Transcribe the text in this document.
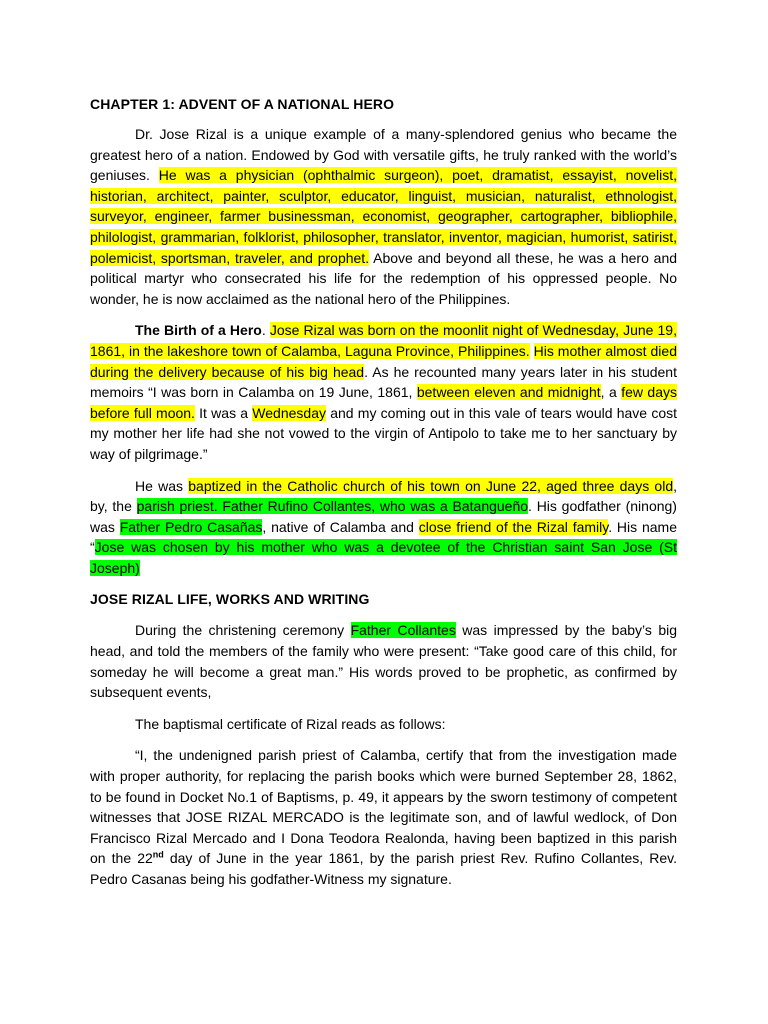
CHAPTER 1: ADVENT OF A NATIONAL HERO

Dr. Jose Rizal is a unique example of a many-splendored genius who became the greatest hero of a nation. Endowed by God with versatile gifts, he truly ranked with the world’s geniuses. He was a physician (ophthalmic surgeon), poet, dramatist, essayist, novelist, historian, architect, painter, sculptor, educator, linguist, musician, naturalist, ethnologist, surveyor, engineer, farmer businessman, economist, geographer, cartographer, bibliophile, philologist, grammarian, folklorist, philosopher, translator, inventor, magician, humorist, satirist, polemicist, sportsman, traveler, and prophet. Above and beyond all these, he was a hero and political martyr who consecrated his life for the redemption of his oppressed people. No wonder, he is now acclaimed as the national hero of the Philippines.

The Birth of a Hero. Jose Rizal was born on the moonlit night of Wednesday, June 19, 1861, in the lakeshore town of Calamba, Laguna Province, Philippines. His mother almost died during the delivery because of his big head. As he recounted many years later in his student memoirs “I was born in Calamba on 19 June, 1861, between eleven and midnight, a few days before full moon. It was a Wednesday and my coming out in this vale of tears would have cost my mother her life had she not vowed to the virgin of Antipolo to take me to her sanctuary by way of pilgrimage.”

He was baptized in the Catholic church of his town on June 22, aged three days old, by, the parish priest. Father Rufino Collantes, who was a Batangueño. His godfather (ninong) was Father Pedro Casañas, native of Calamba and close friend of the Rizal family. His name “Jose was chosen by his mother who was a devotee of the Christian saint San Jose (St Joseph)

JOSE RIZAL LIFE, WORKS AND WRITING

During the christening ceremony Father Collantes was impressed by the baby’s big head, and told the members of the family who were present: “Take good care of this child, for someday he will become a great man.” His words proved to be prophetic, as confirmed by subsequent events,

The baptismal certificate of Rizal reads as follows:

“I, the undenigned parish priest of Calamba, certify that from the investigation made with proper authority, for replacing the parish books which were burned September 28, 1862, to be found in Docket No.1 of Baptisms, p. 49, it appears by the sworn testimony of competent witnesses that JOSE RIZAL MERCADO is the legitimate son, and of lawful wedlock, of Don Francisco Rizal Mercado and I Dona Teodora Realonda, having been baptized in this parish on the 22nd day of June in the year 1861, by the parish priest Rev. Rufino Collantes, Rev. Pedro Casanas being his godfather-Witness my signature.
